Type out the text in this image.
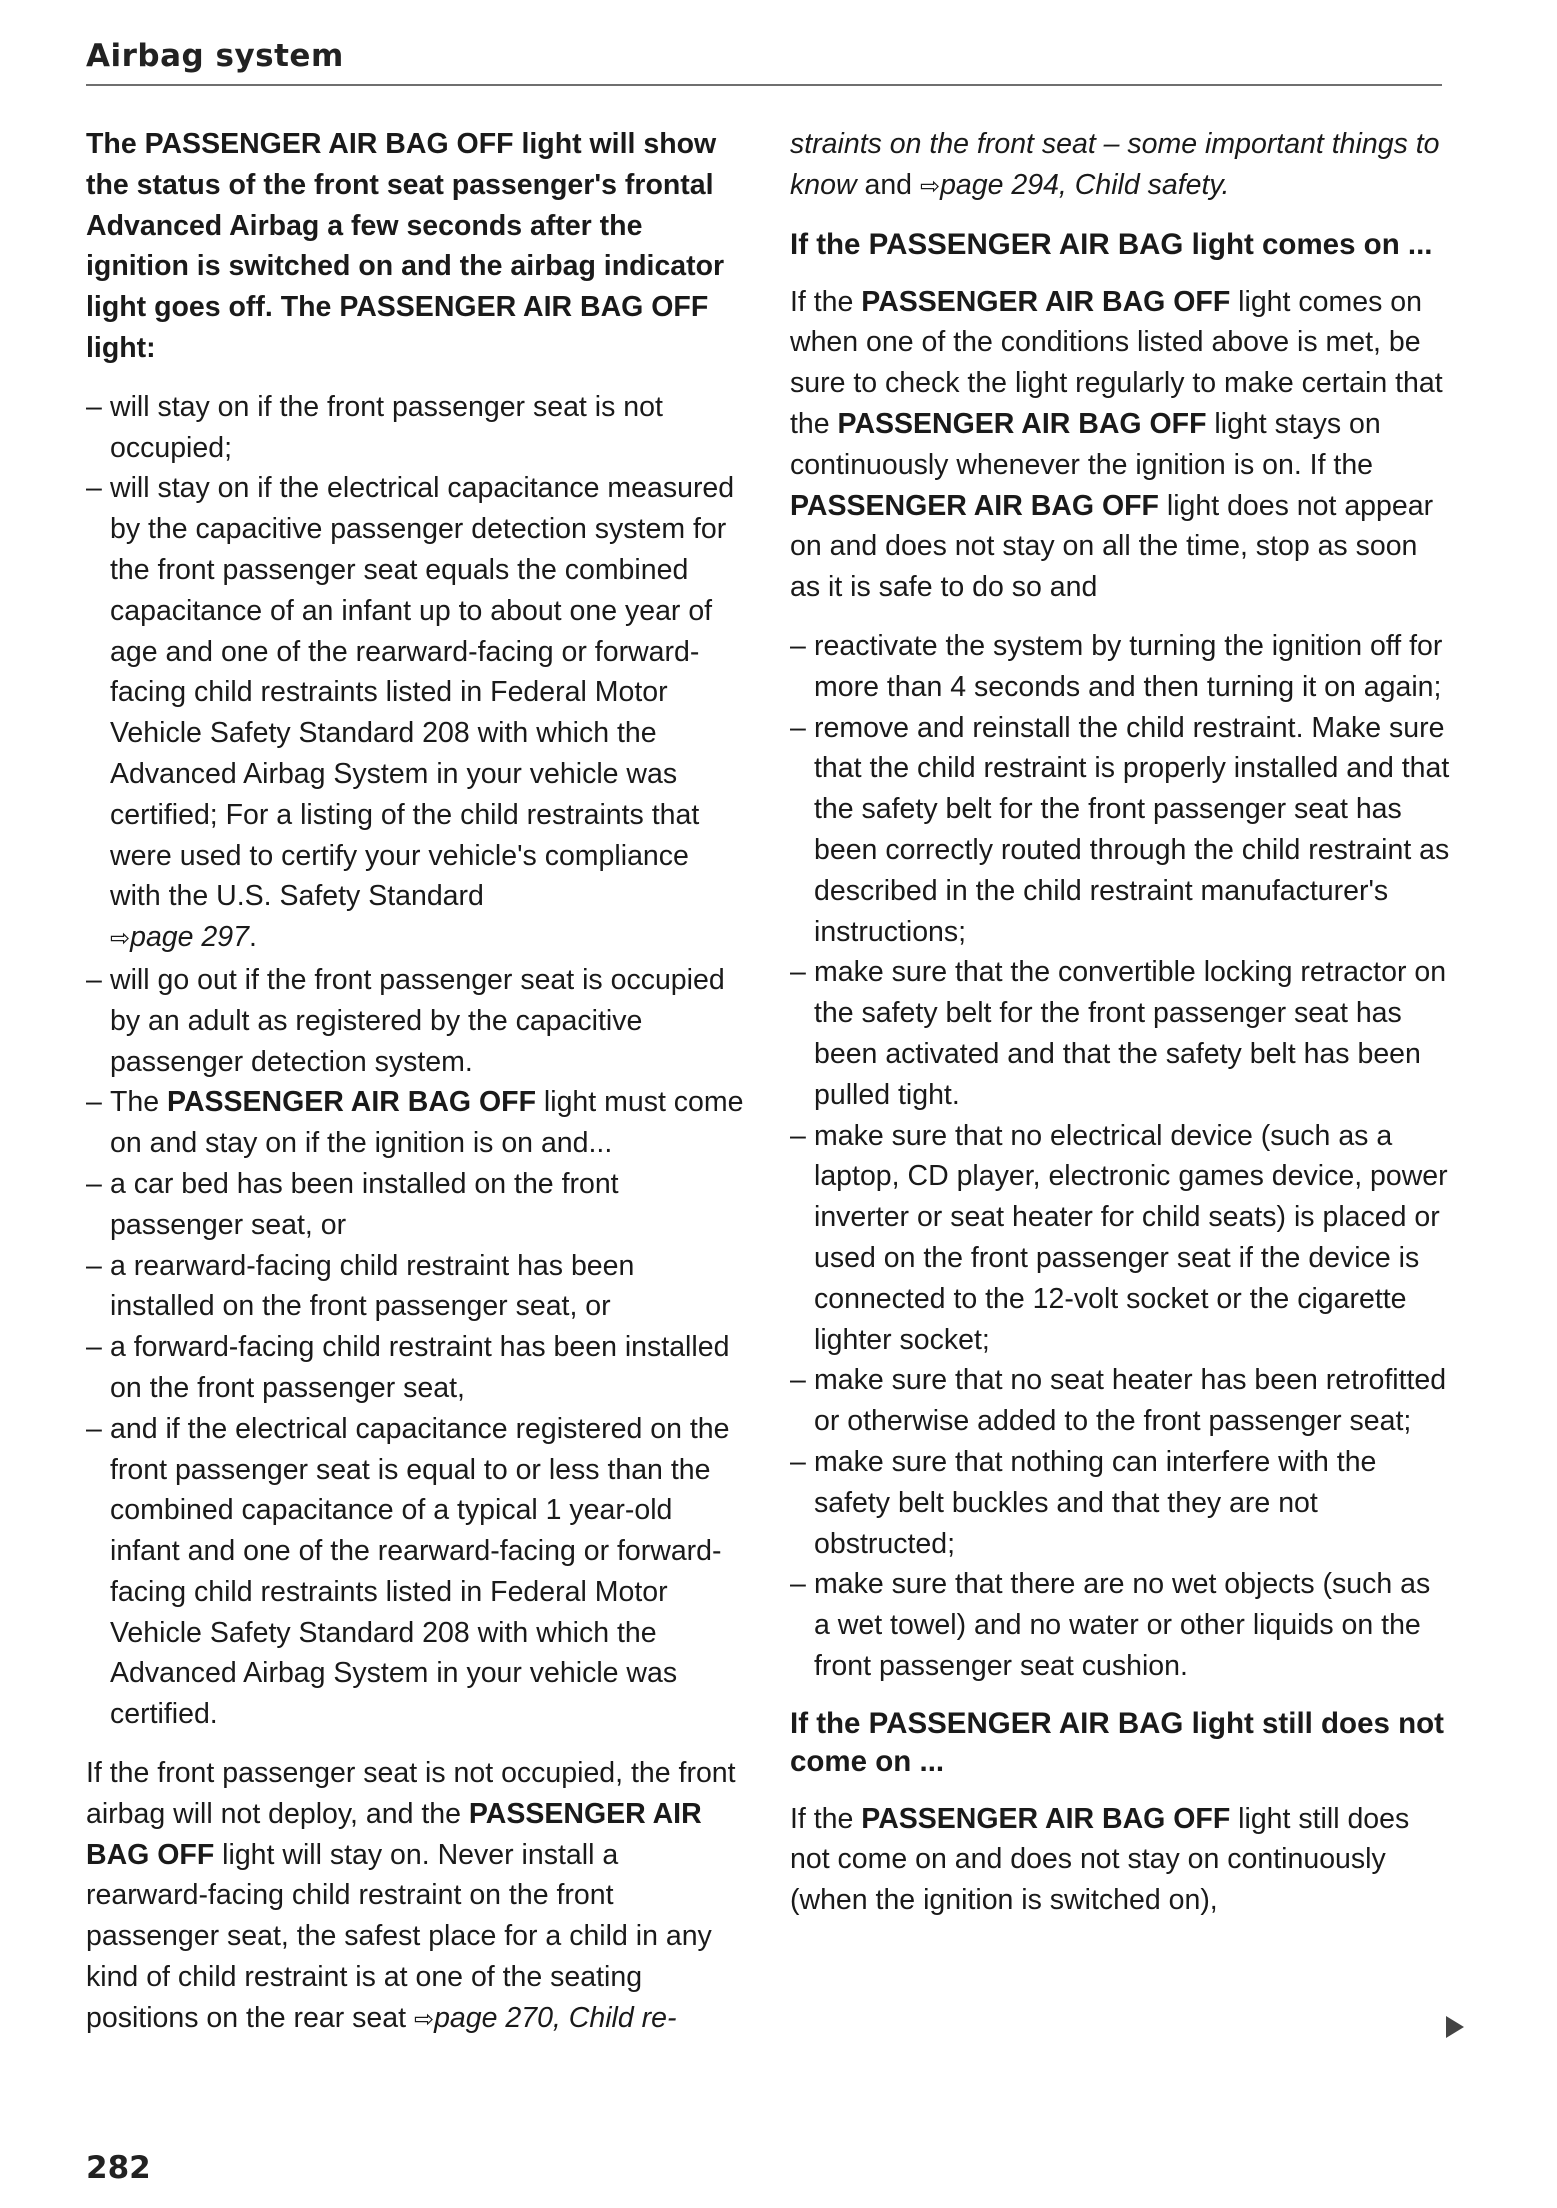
Airbag system

The PASSENGER AIR BAG OFF light will show the status of the front seat passenger's frontal Advanced Airbag a few seconds after the ignition is switched on and the airbag indicator light goes off. The PASSENGER AIR BAG OFF light:

– will stay on if the front passenger seat is not occupied;
– will stay on if the electrical capacitance measured by the capacitive passenger detection system for the front passenger seat equals the combined capacitance of an infant up to about one year of age and one of the rearward-facing or forward-facing child restraints listed in Federal Motor Vehicle Safety Standard 208 with which the Advanced Airbag System in your vehicle was certified; For a listing of the child restraints that were used to certify your vehicle's compliance with the U.S. Safety Standard
⇨page 297.
– will go out if the front passenger seat is occupied by an adult as registered by the capacitive passenger detection system.
– The PASSENGER AIR BAG OFF light must come on and stay on if the ignition is on and...
– a car bed has been installed on the front passenger seat, or
– a rearward-facing child restraint has been installed on the front passenger seat, or
– a forward-facing child restraint has been installed on the front passenger seat,
– and if the electrical capacitance registered on the front passenger seat is equal to or less than the combined capacitance of a typical 1 year-old infant and one of the rearward-facing or forward-facing child restraints listed in Federal Motor Vehicle Safety Standard 208 with which the Advanced Airbag System in your vehicle was certified.

If the front passenger seat is not occupied, the front airbag will not deploy, and the PASSENGER AIR BAG OFF light will stay on. Never install a rearward-facing child restraint on the front passenger seat, the safest place for a child in any kind of child restraint is at one of the seating positions on the rear seat ⇨page 270, Child re-

straints on the front seat – some important things to know and ⇨page 294, Child safety.

If the PASSENGER AIR BAG light comes on ...

If the PASSENGER AIR BAG OFF light comes on when one of the conditions listed above is met, be sure to check the light regularly to make certain that the PASSENGER AIR BAG OFF light stays on continuously whenever the ignition is on. If the PASSENGER AIR BAG OFF light does not appear on and does not stay on all the time, stop as soon as it is safe to do so and

– reactivate the system by turning the ignition off for more than 4 seconds and then turning it on again;
– remove and reinstall the child restraint. Make sure that the child restraint is properly installed and that the safety belt for the front passenger seat has been correctly routed through the child restraint as described in the child restraint manufacturer's instructions;
– make sure that the convertible locking retractor on the safety belt for the front passenger seat has been activated and that the safety belt has been pulled tight.
– make sure that no electrical device (such as a laptop, CD player, electronic games device, power inverter or seat heater for child seats) is placed or used on the front passenger seat if the device is connected to the 12-volt socket or the cigarette lighter socket;
– make sure that no seat heater has been retrofitted or otherwise added to the front passenger seat;
– make sure that nothing can interfere with the safety belt buckles and that they are not obstructed;
– make sure that there are no wet objects (such as a wet towel) and no water or other liquids on the front passenger seat cushion.
If the PASSENGER AIR BAG light still does not come on ...

If the PASSENGER AIR BAG OFF light still does not come on and does not stay on continuously (when the ignition is switched on),

282
